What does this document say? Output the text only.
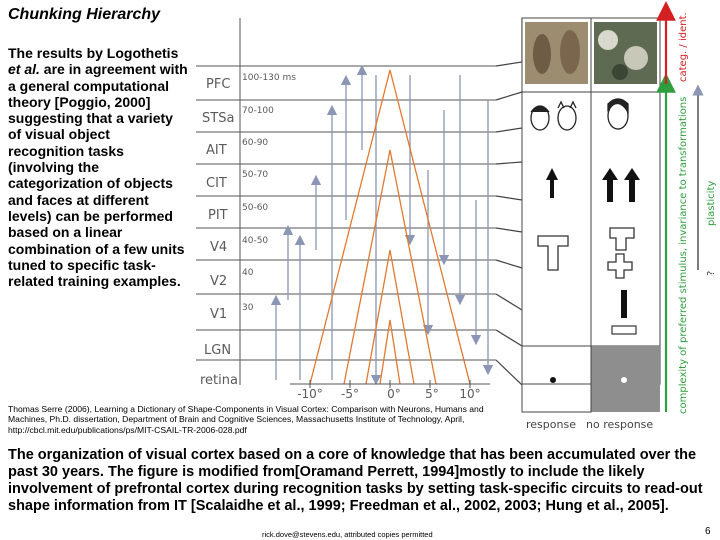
Chunking Hierarchy
The results by Logothetis et al. are in agreement with a general computational theory [Poggio, 2000] suggesting that a variety of visual object recognition tasks (involving the categorization of objects and faces at different levels) can be performed based on a linear combination of a few units tuned to specific task-related training examples.
-10° -5° 0° 5° 10°
PFC 100-130 ms
STSa 70-100
AIT 60-90
CIT
50-70
PIT 50-60
V4 40-50
V2
40
V1 30
LGN
retina
response no response
categ. / ident.
complexity of preferred stimulus, invariance to transformations plasticity
?
Thomas Serre (2006), Learning a Dictionary of Shape-Components in Visual Cortex: Comparison with Neurons, Humans and Machines, Ph.D. dissertation, Department of Brain and Cognitive Sciences, Massachusetts Institute of Technology, April, http://cbcl.mit.edu/publications/ps/MIT-CSAIL-TR-2006-028.pdf
The organization of visual cortex based on a core of knowledge that has been accumulated over the past 30 years. The figure is modified from[Oramand Perrett, 1994]mostly to include the likely involvement of prefrontal cortex during recognition tasks by setting task-specific circuits to read-out shape information from IT [Scalaidhe et al., 1999; Freedman et al., 2002, 2003; Hung et al., 2005].
rick.dove@stevens.edu, attributed copies permitted	6
